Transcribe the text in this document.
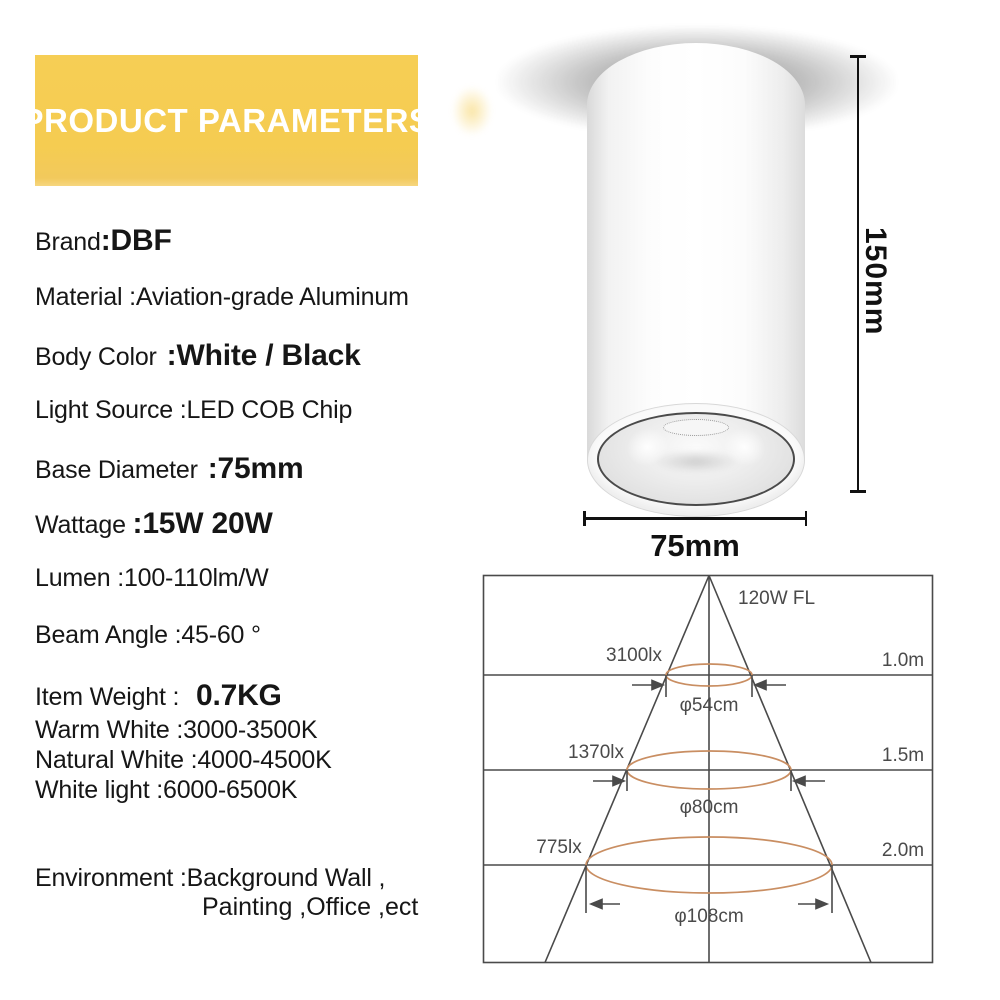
PRODUCT PARAMETERS
Brand:DBF
Material :Aviation-grade Aluminum
Body Color :White / Black
Light Source :LED COB Chip
Base Diameter :75mm
Wattage :15W 20W
Lumen :100-110lm/W
Beam Angle :45-60 °
Item Weight : 0.7KG
Warm White :3000-3500K
Natural White :4000-4500K
White light :6000-6500K
Environment :Background Wall ,
Painting ,Office ,ect
150mm
75mm
120W FL
3100lx	1.0m
φ54cm
1370lx	1.5m
φ80cm
775lx	2.0m
φ108cm
